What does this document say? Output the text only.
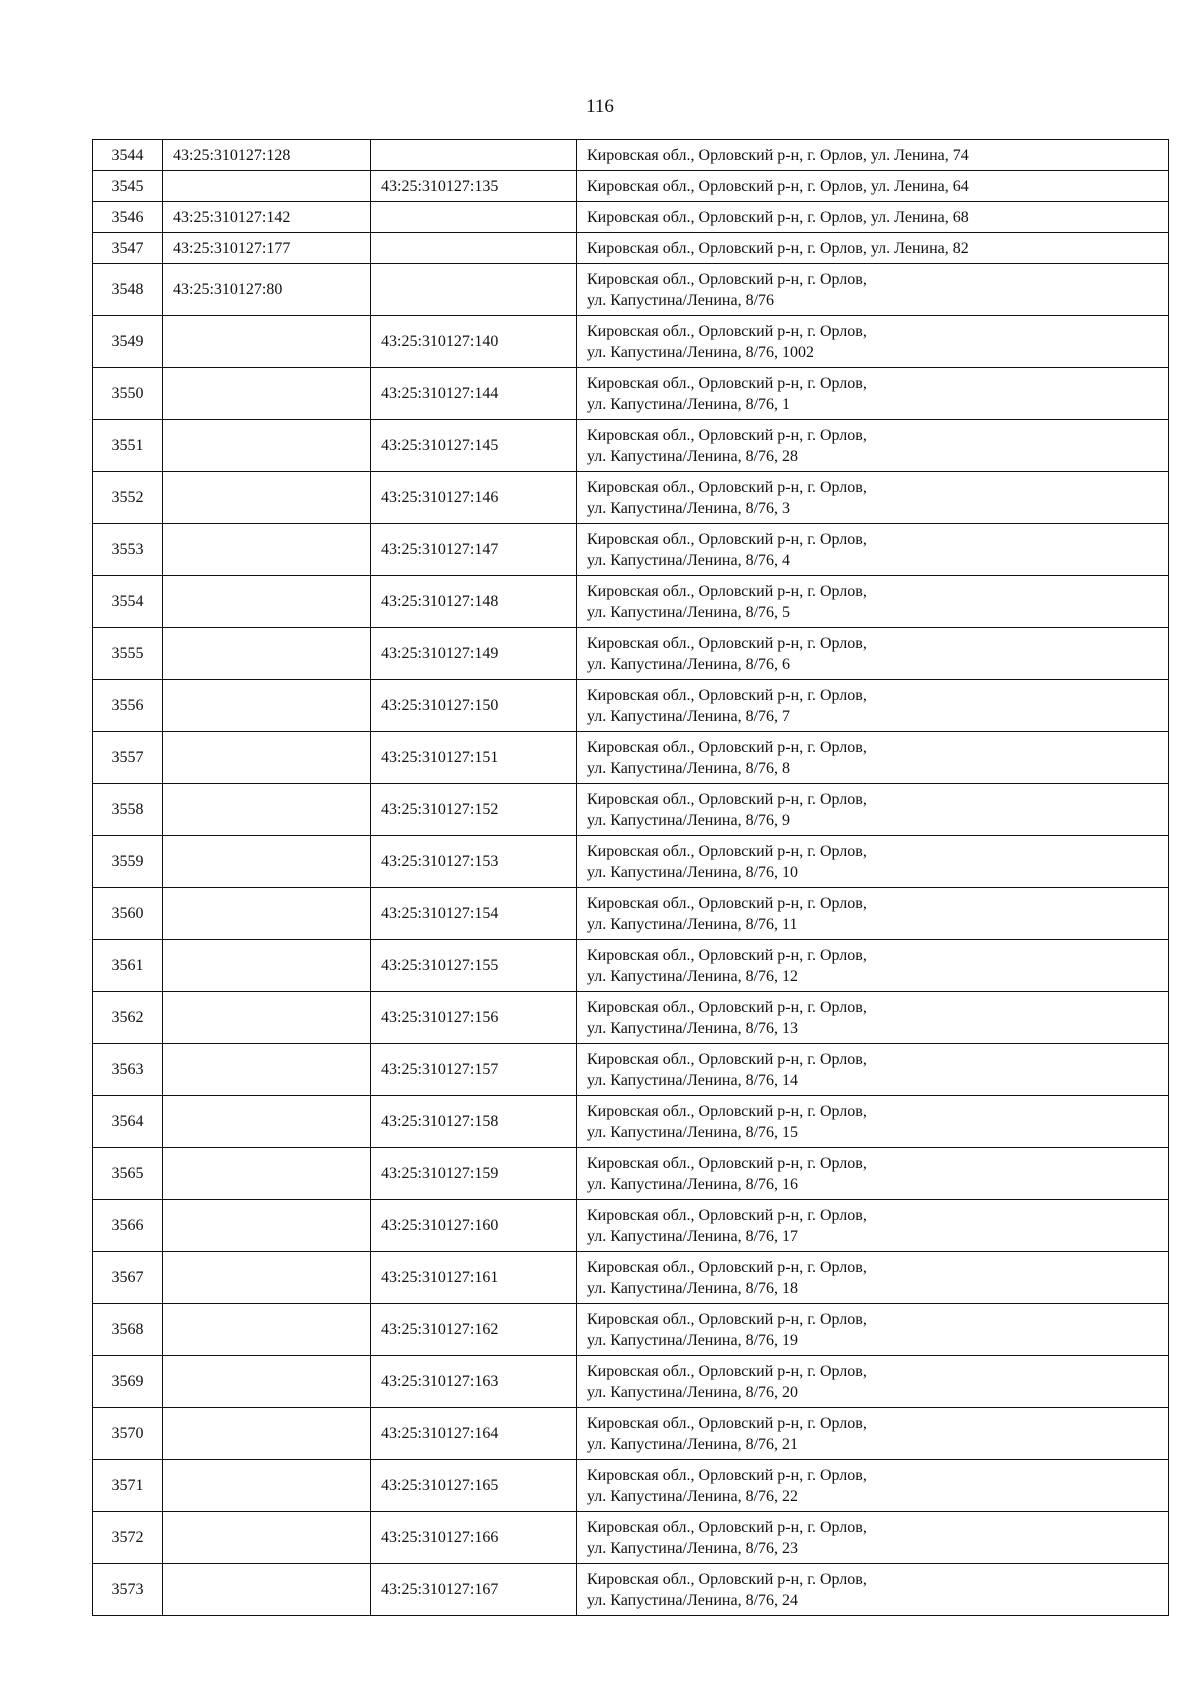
116
3544	43:25:310127:128		Кировская обл., Орловский р-н, г. Орлов, ул. Ленина, 74

3545		43:25:310127:135	Кировская обл., Орловский р-н, г. Орлов, ул. Ленина, 64

3546	43:25:310127:142		Кировская обл., Орловский р-н, г. Орлов, ул. Ленина, 68

3547	43:25:310127:177		Кировская обл., Орловский р-н, г. Орлов, ул. Ленина, 82

3548	43:25:310127:80		Кировская обл., Орловский р-н, г. Орлов,
ул. Капустина/Ленина, 8/76

3549		43:25:310127:140	Кировская обл., Орловский р-н, г. Орлов,
ул. Капустина/Ленина, 8/76, 1002

3550		43:25:310127:144	Кировская обл., Орловский р-н, г. Орлов,
ул. Капустина/Ленина, 8/76, 1

3551		43:25:310127:145	Кировская обл., Орловский р-н, г. Орлов,
ул. Капустина/Ленина, 8/76, 28

3552		43:25:310127:146	Кировская обл., Орловский р-н, г. Орлов,
ул. Капустина/Ленина, 8/76, 3

3553		43:25:310127:147	Кировская обл., Орловский р-н, г. Орлов,
ул. Капустина/Ленина, 8/76, 4

3554		43:25:310127:148	Кировская обл., Орловский р-н, г. Орлов,
ул. Капустина/Ленина, 8/76, 5

3555		43:25:310127:149	Кировская обл., Орловский р-н, г. Орлов,
ул. Капустина/Ленина, 8/76, 6

3556		43:25:310127:150	Кировская обл., Орловский р-н, г. Орлов,
ул. Капустина/Ленина, 8/76, 7

3557		43:25:310127:151	Кировская обл., Орловский р-н, г. Орлов,
ул. Капустина/Ленина, 8/76, 8

3558		43:25:310127:152	Кировская обл., Орловский р-н, г. Орлов,
ул. Капустина/Ленина, 8/76, 9

3559		43:25:310127:153	Кировская обл., Орловский р-н, г. Орлов,
ул. Капустина/Ленина, 8/76, 10

3560		43:25:310127:154	Кировская обл., Орловский р-н, г. Орлов,
ул. Капустина/Ленина, 8/76, 11

3561		43:25:310127:155	Кировская обл., Орловский р-н, г. Орлов,
ул. Капустина/Ленина, 8/76, 12

3562		43:25:310127:156	Кировская обл., Орловский р-н, г. Орлов,
ул. Капустина/Ленина, 8/76, 13

3563		43:25:310127:157	Кировская обл., Орловский р-н, г. Орлов,
ул. Капустина/Ленина, 8/76, 14

3564		43:25:310127:158	Кировская обл., Орловский р-н, г. Орлов,
ул. Капустина/Ленина, 8/76, 15

3565		43:25:310127:159	Кировская обл., Орловский р-н, г. Орлов,
ул. Капустина/Ленина, 8/76, 16

3566		43:25:310127:160	Кировская обл., Орловский р-н, г. Орлов,
ул. Капустина/Ленина, 8/76, 17

3567		43:25:310127:161	Кировская обл., Орловский р-н, г. Орлов,
ул. Капустина/Ленина, 8/76, 18

3568		43:25:310127:162	Кировская обл., Орловский р-н, г. Орлов,
ул. Капустина/Ленина, 8/76, 19

3569		43:25:310127:163	Кировская обл., Орловский р-н, г. Орлов,
ул. Капустина/Ленина, 8/76, 20

3570		43:25:310127:164	Кировская обл., Орловский р-н, г. Орлов,
ул. Капустина/Ленина, 8/76, 21

3571		43:25:310127:165	Кировская обл., Орловский р-н, г. Орлов,
ул. Капустина/Ленина, 8/76, 22

3572		43:25:310127:166	Кировская обл., Орловский р-н, г. Орлов,
ул. Капустина/Ленина, 8/76, 23

3573		43:25:310127:167	Кировская обл., Орловский р-н, г. Орлов,
ул. Капустина/Ленина, 8/76, 24
